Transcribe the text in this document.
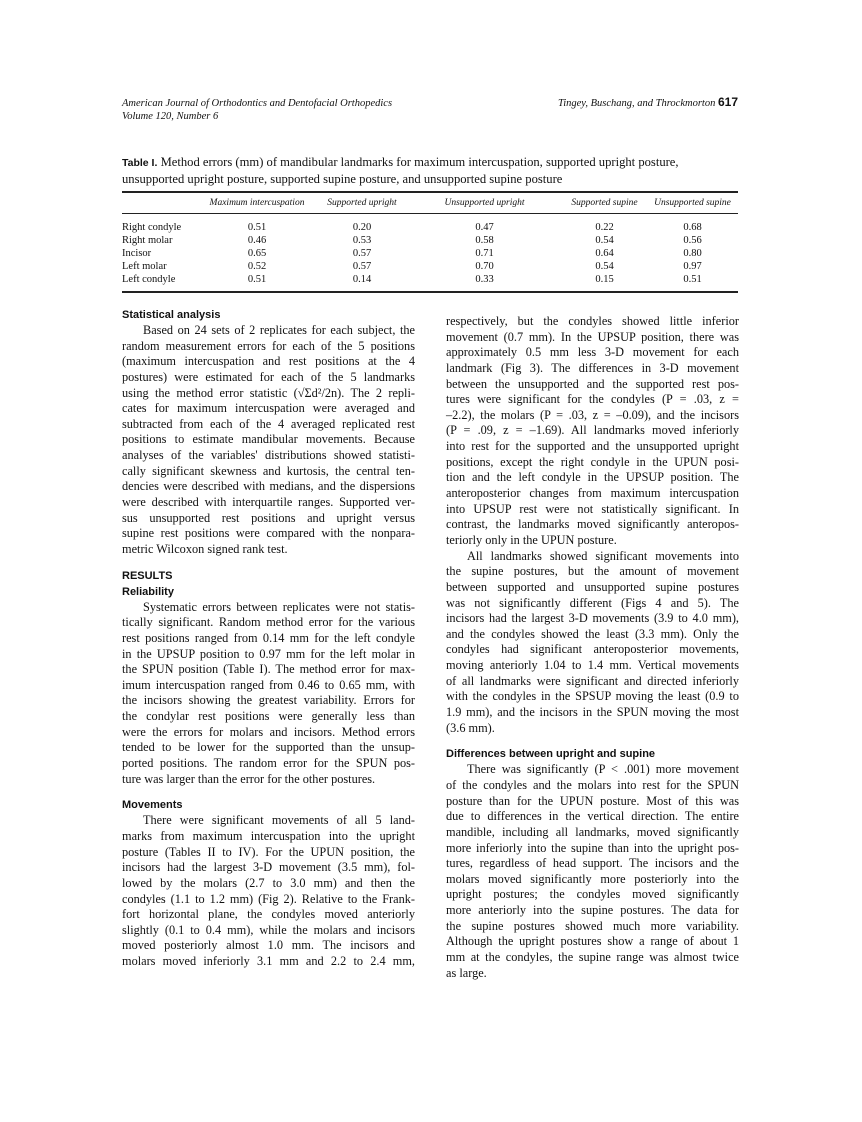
American Journal of Orthodontics and Dentofacial Orthopedics
Volume 120, Number 6
Tingey, Buschang, and Throckmorton 617
Table I. Method errors (mm) of mandibular landmarks for maximum intercuspation, supported upright posture, unsupported upright posture, supported supine posture, and unsupported supine posture
	Maximum intercuspation	Supported upright	Unsupported upright	Supported supine	Unsupported supine
Right condyle	0.51	0.20	0.47	0.22	0.68
Right molar	0.46	0.53	0.58	0.54	0.56
Incisor	0.65	0.57	0.71	0.64	0.80
Left molar	0.52	0.57	0.70	0.54	0.97
Left condyle	0.51	0.14	0.33	0.15	0.51
Statistical analysis
Based on 24 sets of 2 replicates for each subject, the
random measurement errors for each of the 5 positions
(maximum intercuspation and rest positions at the 4
postures) were estimated for each of the 5 landmarks
using the method error statistic (√Σd²/2n). The 2 repli-
cates for maximum intercuspation were averaged and
subtracted from each of the 4 averaged replicated rest
positions to estimate mandibular movements. Because
analyses of the variables' distributions showed statisti-
cally significant skewness and kurtosis, the central ten-
dencies were described with medians, and the dispersions
were described with interquartile ranges. Supported ver-
sus unsupported rest positions and upright versus
supine rest positions were compared with the nonpara-
metric Wilcoxon signed rank test.
RESULTS
Reliability
Systematic errors between replicates were not statis-
tically significant. Random method error for the various
rest positions ranged from 0.14 mm for the left condyle
in the UPSUP position to 0.97 mm for the left molar in
the SPUN position (Table I). The method error for max-
imum intercuspation ranged from 0.46 to 0.65 mm, with
the incisors showing the greatest variability. Errors for
the condylar rest positions were generally less than
were the errors for molars and incisors. Method errors
tended to be lower for the supported than the unsup-
ported positions. The random error for the SPUN pos-
ture was larger than the error for the other postures.
Movements
There were significant movements of all 5 land-
marks from maximum intercuspation into the upright
posture (Tables II to IV). For the UPUN position, the
incisors had the largest 3-D movement (3.5 mm), fol-
lowed by the molars (2.7 to 3.0 mm) and then the
condyles (1.1 to 1.2 mm) (Fig 2). Relative to the Frank-
fort horizontal plane, the condyles moved anteriorly
slightly (0.1 to 0.4 mm), while the molars and incisors
moved posteriorly almost 1.0 mm. The incisors and
molars moved inferiorly 3.1 mm and 2.2 to 2.4 mm,
respectively, but the condyles showed little inferior
movement (0.7 mm). In the UPSUP position, there was
approximately 0.5 mm less 3-D movement for each
landmark (Fig 3). The differences in 3-D movement
between the unsupported and the supported rest pos-
tures were significant for the condyles (P = .03, z =
–2.2), the molars (P = .03, z = –0.09), and the incisors
(P = .09, z = –1.69). All landmarks moved inferiorly
into rest for the supported and the unsupported upright
positions, except the right condyle in the UPUN posi-
tion and the left condyle in the UPSUP position. The
anteroposterior changes from maximum intercuspation
into UPSUP rest were not statistically significant. In
contrast, the landmarks moved significantly anteropos-
teriorly only in the UPUN posture.
All landmarks showed significant movements into
the supine postures, but the amount of movement
between supported and unsupported supine postures
was not significantly different (Figs 4 and 5). The
incisors had the largest 3-D movements (3.9 to 4.0 mm),
and the condyles showed the least (3.3 mm). Only the
condyles had significant anteroposterior movements,
moving anteriorly 1.04 to 1.4 mm. Vertical movements
of all landmarks were significant and directed inferiorly
with the condyles in the SPSUP moving the least (0.9 to
1.9 mm), and the incisors in the SPUN moving the most
(3.6 mm).
Differences between upright and supine
There was significantly (P < .001) more movement
of the condyles and the molars into rest for the SPUN
posture than for the UPUN posture. Most of this was
due to differences in the vertical direction. The entire
mandible, including all landmarks, moved significantly
more inferiorly into the supine than into the upright pos-
tures, regardless of head support. The incisors and the
molars moved significantly more posteriorly into the
upright postures; the condyles moved significantly
more anteriorly into the supine postures. The data for
the supine postures showed much more variability.
Although the upright postures show a range of about 1
mm at the condyles, the supine range was almost twice
as large.
